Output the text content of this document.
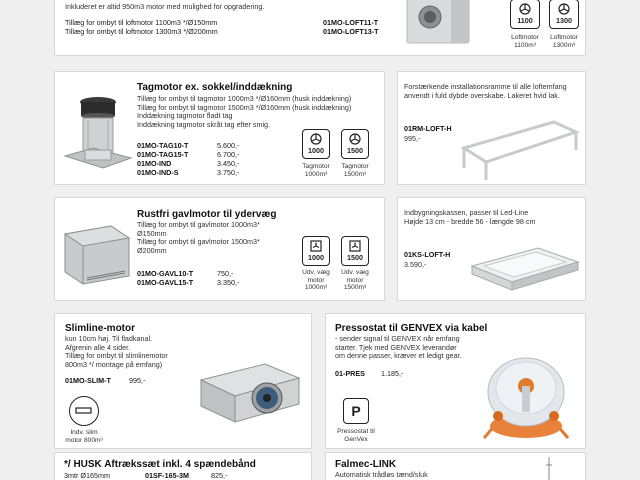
Inkluderet er altid 950m3 motor med mulighed for opgradering.
Tillæg for ombyt til loftmotor 1100m3 */Ø150mm	01MO-LOFT11-T
Tillæg for ombyt til loftmotor 1300m3 */Ø200mm	01MO-LOFT13-T
1100
Loftmotor
1100m³
1300
Loftmotor
1300m³
Tagmotor ex. sokkel/inddækning
Tillæg for ombyt til tagmotor 1000m3 */Ø160mm (husk inddækning)
Tillæg for ombyt til tagmotor 1500m3 */Ø160mm (husk inddækning)
Inddækning tagmotor fladt tag
Inddækning tagmotor skråt tag efter smig.
01MO-TAG10-T	5.600,-
01MO-TAG15-T	6.700,-
01MO-IND	3.450,-
01MO-IND-S	3.750,-
1000
Tagmotor
1000m³
1500
Tagmotor
1500m³
Forstærkende installationsramme til alle loftemfang
anvendt i fuld dybde overskabe. Lakeret hvid lak.
01RM-LOFT-H
995,-
Rustfri gavlmotor til ydervæg
Tillæg for ombyt til gavlmotor 1000m3*
Ø150mm
Tillæg for ombyt til gavlmotor 1500m3*
Ø200mm
01MO-GAVL10-T	750,-
01MO-GAVL15-T	3.350,-
1000
Udv. væg
motor
1000m³
1500
Udv. væg
motor
1500m³
Indbygningskassen, passer til Led-Line
Højde 13 cm - bredde 56 - længde 98 cm
01KS-LOFT-H
3.590,-
Slimline-motor
kun 10cm høj. Til fladkanal.
Afgrenin alle 4 sider.
Tillæg for ombyt til slimlinemotor
800m3 */ montage på emfang)
01MO-SLIM-T	995,-
Indv. slim
motor 800m³
Pressostat til GENVEX via kabel
- sender signal til GENVEX når emfang
starter. Tjek med GENVEX leverandør
om denne passer, kræver et ledigt gear.
01-PRES	1.185,-
P
Pressostat til
GenVex
*/ HUSK Aftrækssæt inkl. 4 spændebånd
3mtr Ø165mm	01SF-165-3M	825,-
Falmec-LINK
Automatisk trådløs tænd/sluk
